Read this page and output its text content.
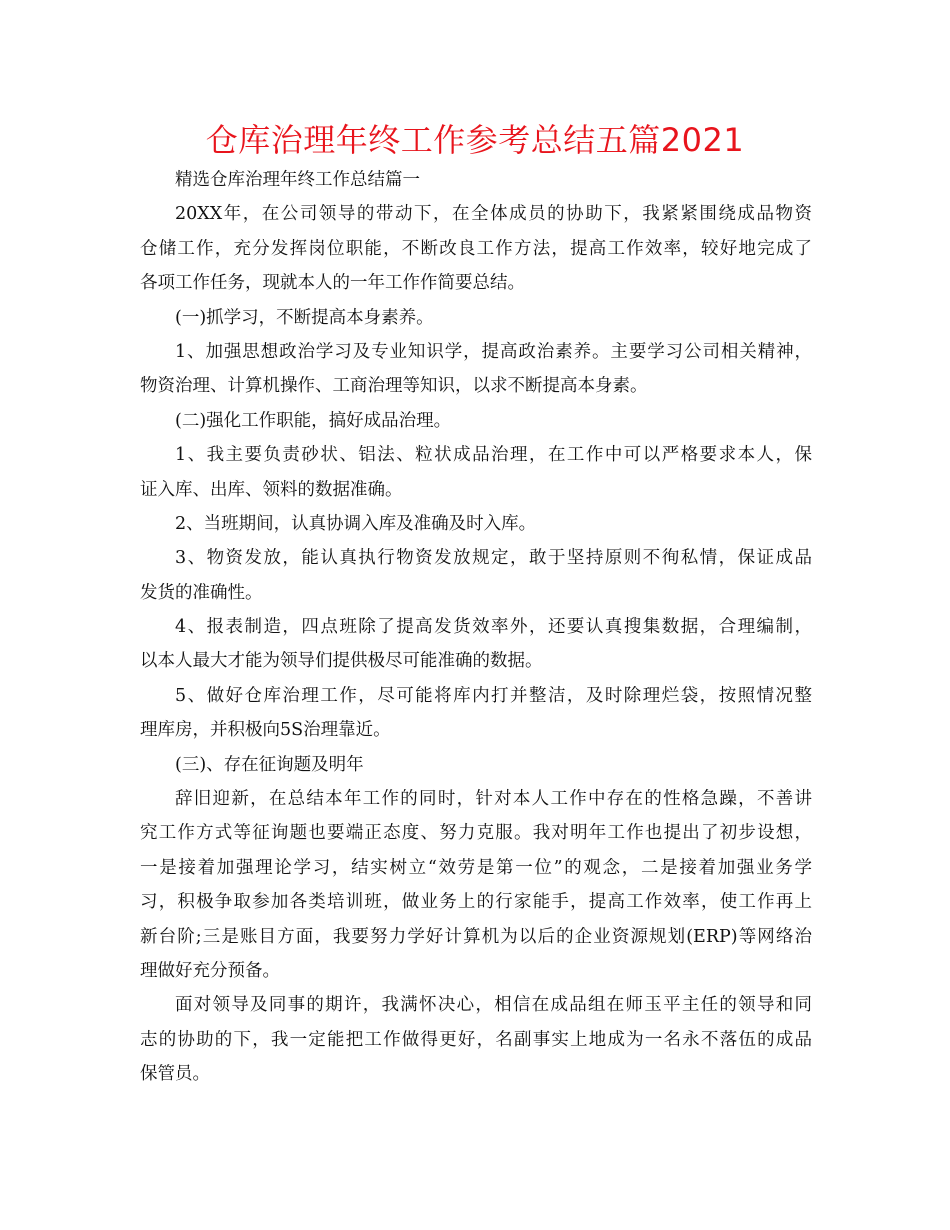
仓库治理年终工作参考总结五篇2021
精选仓库治理年终工作总结篇一
20XX年，在公司领导的带动下，在全体成员的协助下，我紧紧围绕成品物资
仓储工作，充分发挥岗位职能，不断改良工作方法，提高工作效率，较好地完成了
各项工作任务，现就本人的一年工作作简要总结。
(一)抓学习，不断提高本身素养。
1、加强思想政治学习及专业知识学，提高政治素养。主要学习公司相关精神，
物资治理、计算机操作、工商治理等知识，以求不断提高本身素。
(二)强化工作职能，搞好成品治理。
1、我主要负责砂状、铝法、粒状成品治理，在工作中可以严格要求本人，保
证入库、出库、领料的数据准确。
2、当班期间，认真协调入库及准确及时入库。
3、物资发放，能认真执行物资发放规定，敢于坚持原则不徇私情，保证成品
发货的准确性。
4、报表制造，四点班除了提高发货效率外，还要认真搜集数据，合理编制，
以本人最大才能为领导们提供极尽可能准确的数据。
5、做好仓库治理工作，尽可能将库内打并整洁，及时除理烂袋，按照情况整
理库房，并积极向5S治理靠近。
(三)、存在征询题及明年
辞旧迎新，在总结本年工作的同时，针对本人工作中存在的性格急躁，不善讲
究工作方式等征询题也要端正态度、努力克服。我对明年工作也提出了初步设想，
一是接着加强理论学习，结实树立“效劳是第一位”的观念，二是接着加强业务学
习，积极争取参加各类培训班，做业务上的行家能手，提高工作效率，使工作再上
新台阶;三是账目方面，我要努力学好计算机为以后的企业资源规划(ERP)等网络治
理做好充分预备。
面对领导及同事的期许，我满怀决心，相信在成品组在师玉平主任的领导和同
志的协助的下，我一定能把工作做得更好，名副事实上地成为一名永不落伍的成品
保管员。
